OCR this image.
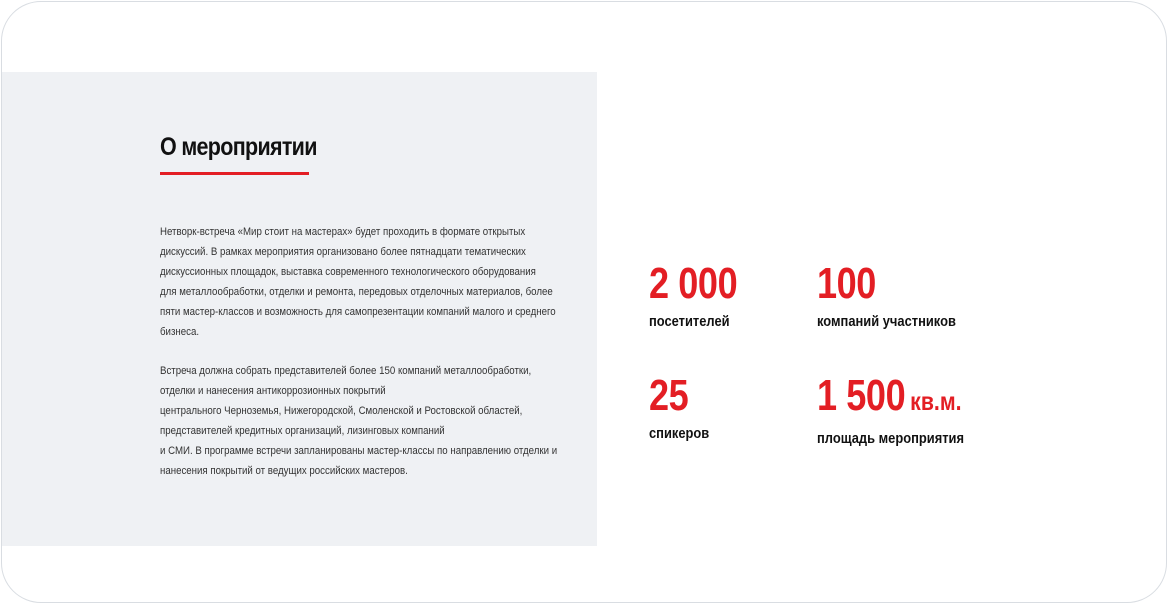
О мероприятии

Нетворк-встреча «Мир стоит на мастерах» будет проходить в формате открытых
дискуссий. В рамках мероприятия организовано более пятнадцати тематических
дискуссионных площадок, выставка современного технологического оборудования
для металлообработки, отделки и ремонта, передовых отделочных материалов, более
пяти мастер-классов и возможность для самопрезентации компаний малого и среднего
бизнеса.

Встреча должна собрать представителей более 150 компаний металлообработки,
отделки и нанесения антикоррозионных покрытий
центрального Черноземья, Нижегородской, Смоленской и Ростовской областей,
представителей кредитных организаций, лизинговых компаний
и СМИ. В программе встречи запланированы мастер-классы по направлению отделки и
нанесения покрытий от ведущих российских мастеров.

2 000
посетителей
100
компаний участников
25
спикеров
1 500 кв.м.
площадь мероприятия
